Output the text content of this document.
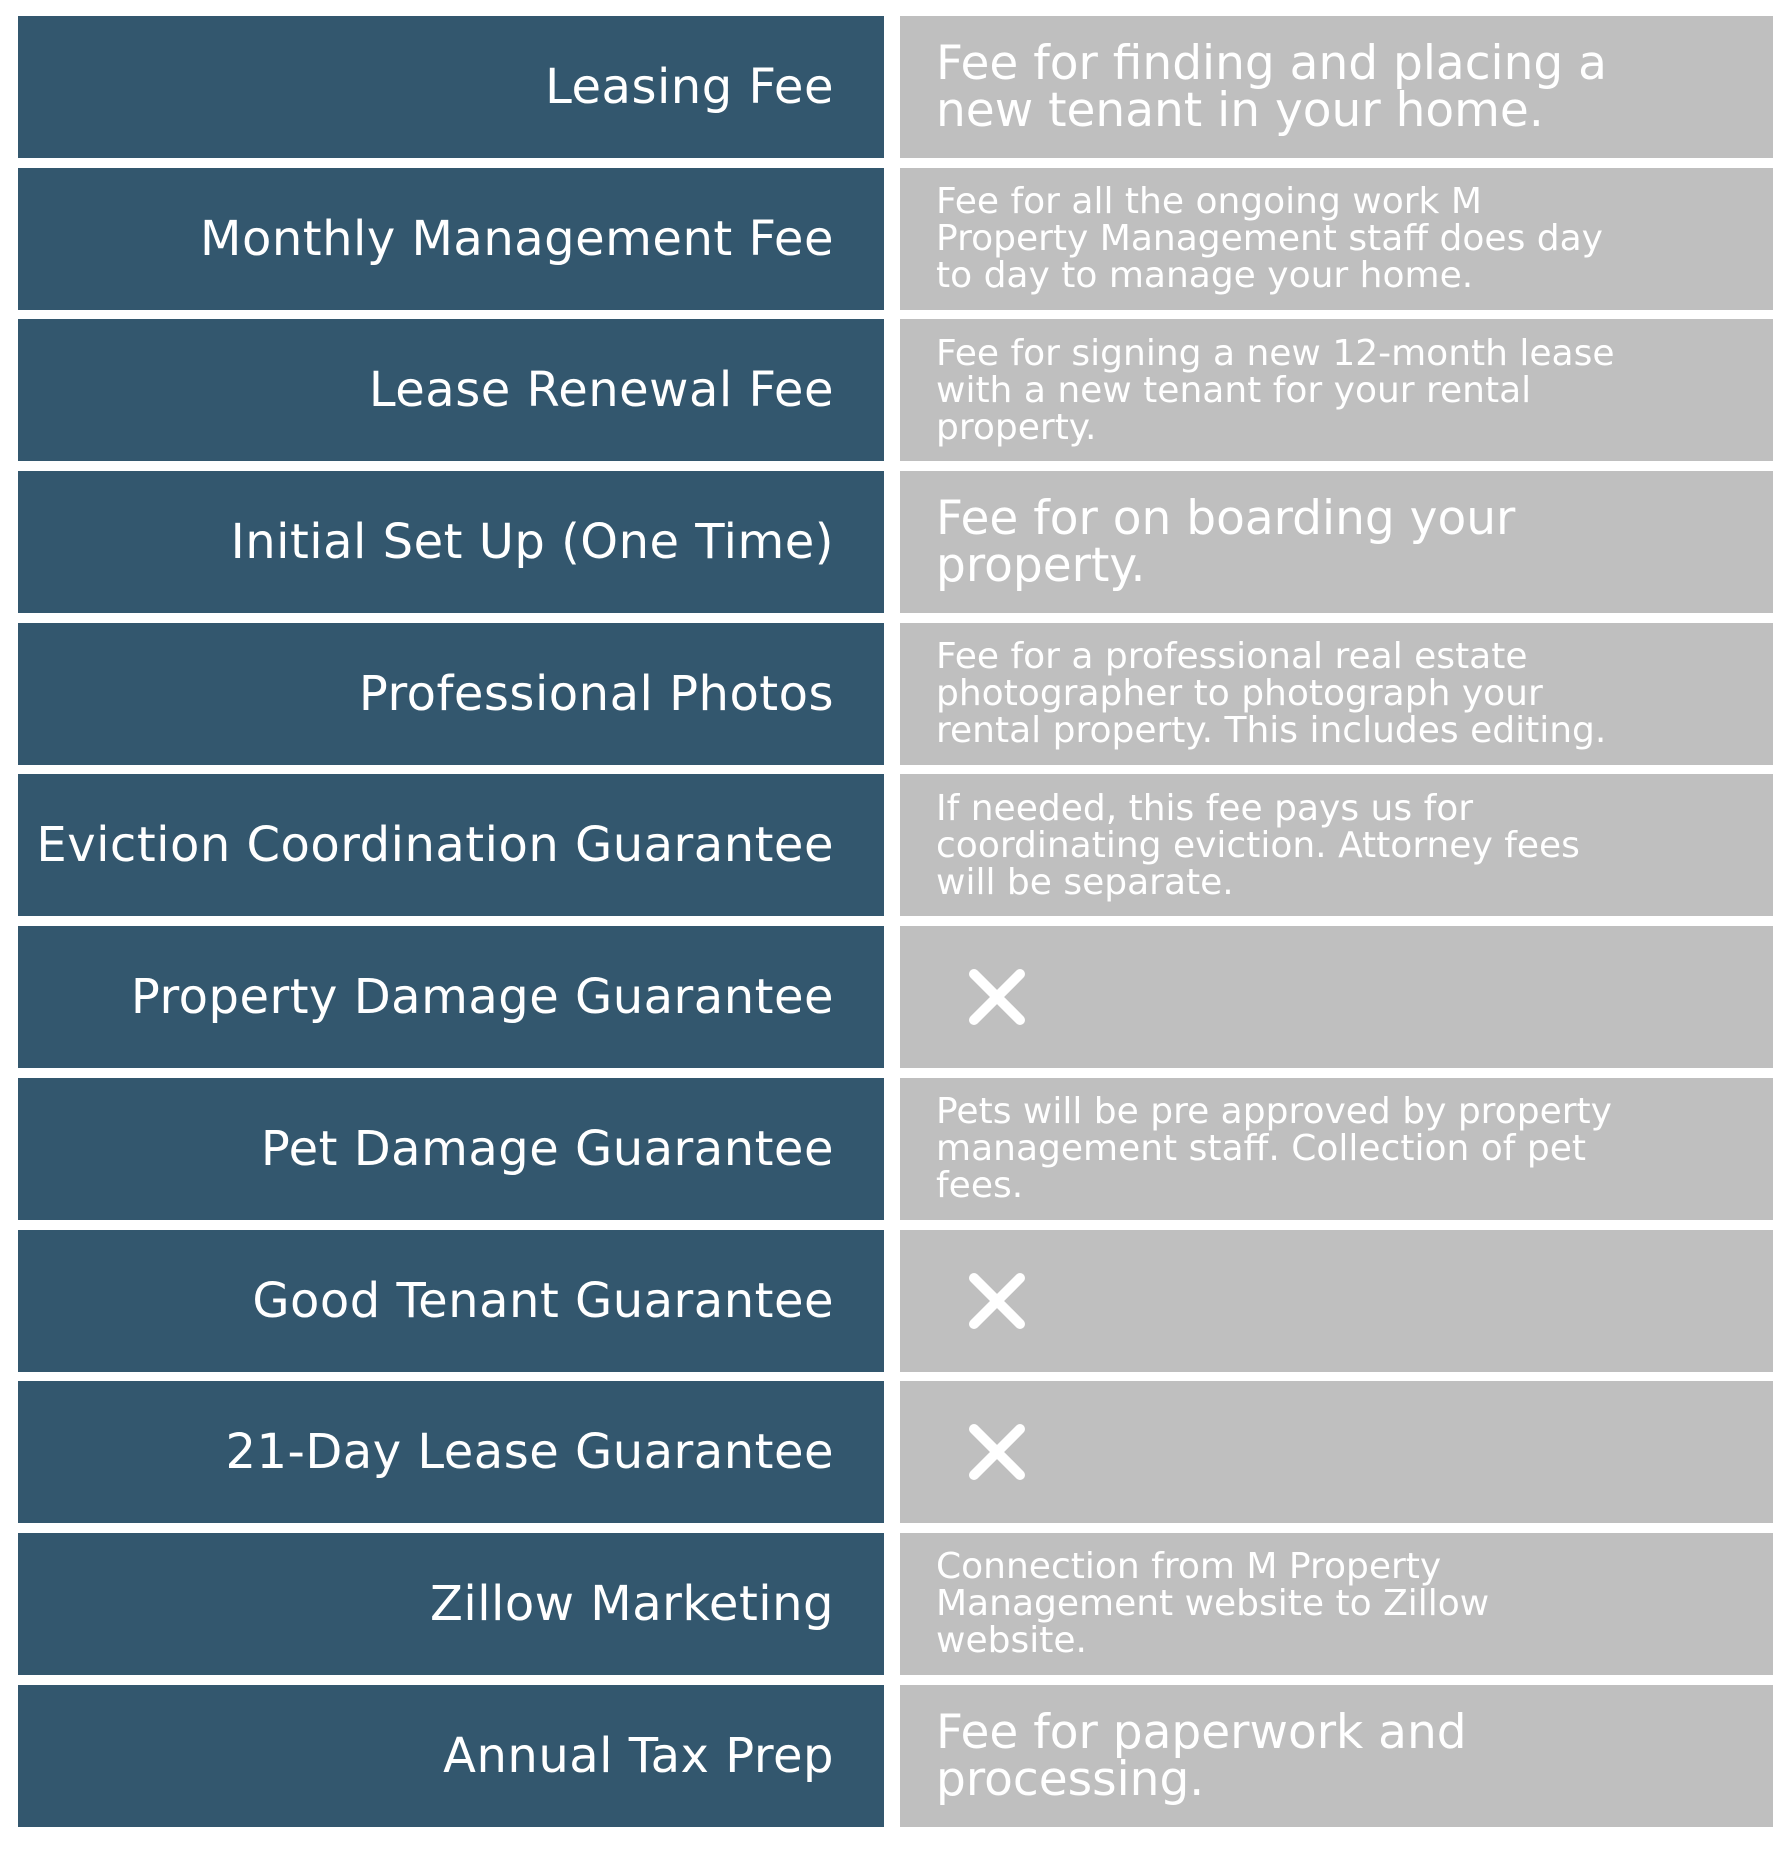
Leasing Fee Fee for finding and placing a
new tenant in your home.
Monthly Management Fee
Fee for all the ongoing work M
Property Management staff does day
to day to manage your home.
Lease Renewal Fee
Fee for signing a new 12-month lease
with a new tenant for your rental
property.
Initial Set Up (One Time) Fee for on boarding your
property.
Professional Photos
Fee for a professional real estate
photographer to photograph your
rental property. This includes editing.
Eviction Coordination Guarantee
If needed, this fee pays us for
coordinating eviction. Attorney fees
will be separate.
Property Damage Guarantee
Pet Damage Guarantee
Pets will be pre approved by property
management staff. Collection of pet
fees.
Good Tenant Guarantee
21-Day Lease Guarantee
Zillow Marketing
Connection from M Property
Management website to Zillow
website.
Annual Tax Prep Fee for paperwork and
processing.
